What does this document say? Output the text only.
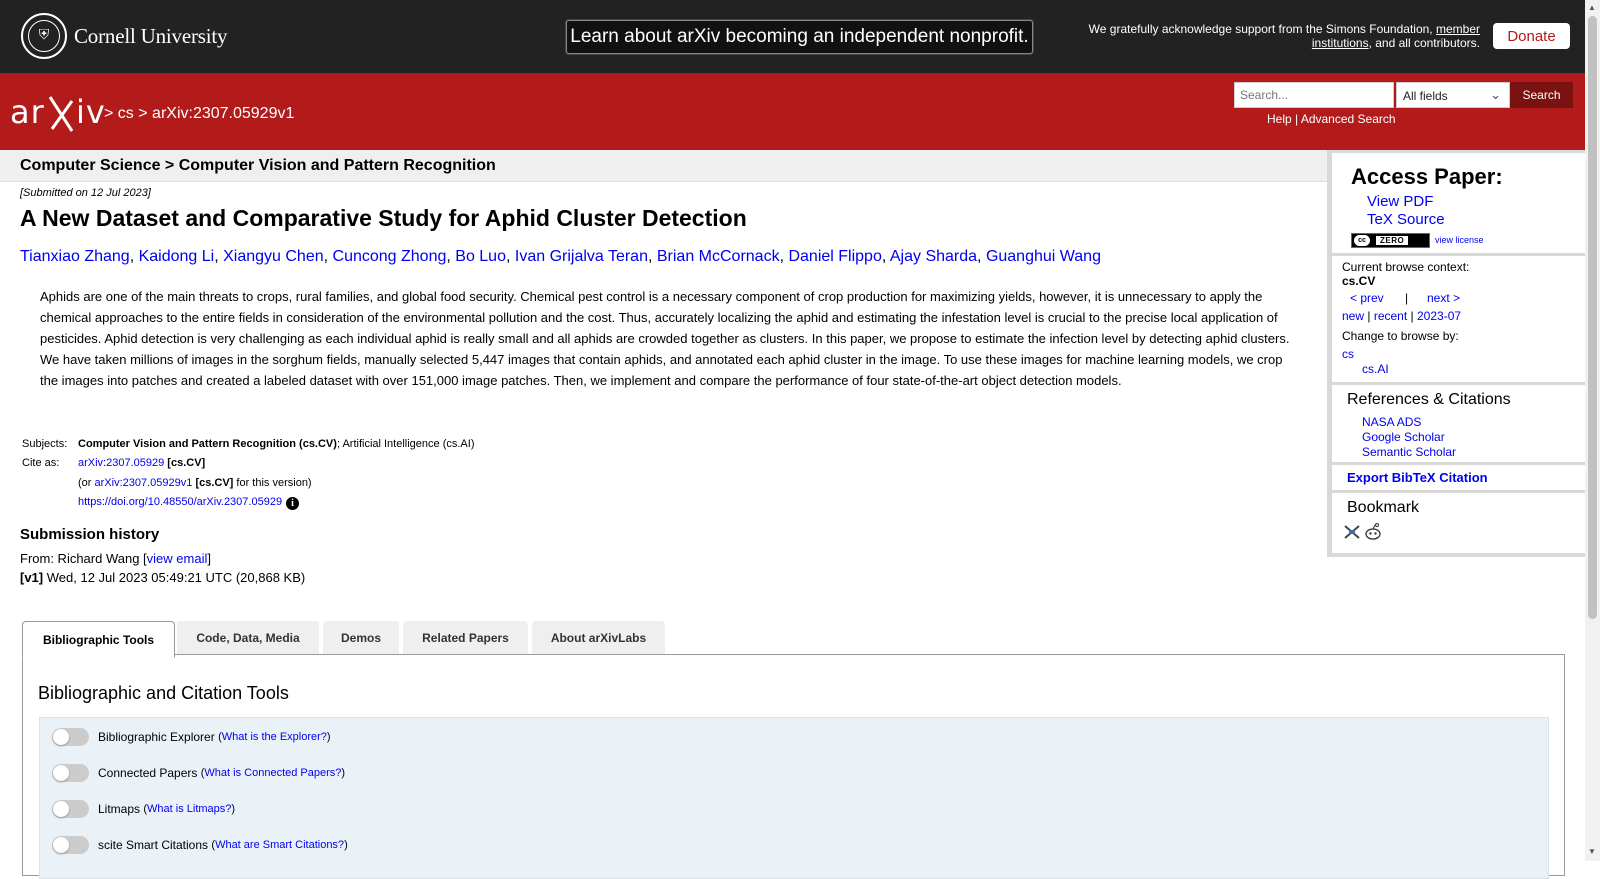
⛨	Cornell University	Learn about arXiv becoming an independent nonprofit.	We gratefully acknowledge support from the Simons Foundation, member institutions, and all contributors.	Donate
ar iv
> cs > arXiv:2307.05929v1
Search...
All fields	⌄	Search
Help | Advanced Search
Computer Science > Computer Vision and Pattern Recognition
[Submitted on 12 Jul 2023]
A New Dataset and Comparative Study for Aphid Cluster Detection
Tianxiao Zhang, Kaidong Li, Xiangyu Chen, Cuncong Zhong, Bo Luo, Ivan Grijalva Teran, Brian McCornack, Daniel Flippo, Ajay Sharda, Guanghui Wang
Aphids are one of the main threats to crops, rural families, and global food security. Chemical pest control is a necessary component of crop production for maximizing yields, however, it is unnecessary to apply the chemical approaches to the entire fields in consideration of the environmental pollution and the cost. Thus, accurately localizing the aphid and estimating the infestation level is crucial to the precise local application of pesticides. Aphid detection is very challenging as each individual aphid is really small and all aphids are crowded together as clusters. In this paper, we propose to estimate the infection level by detecting aphid clusters. We have taken millions of images in the sorghum fields, manually selected 5,447 images that contain aphids, and annotated each aphid cluster in the image. To use these images for machine learning models, we crop the images into patches and created a labeled dataset with over 151,000 image patches. Then, we implement and compare the performance of four state-of-the-art object detection models.
Subjects: Computer Vision and Pattern Recognition (cs.CV); Artificial Intelligence (cs.AI)
Cite as:	arXiv:2307.05929 [cs.CV]
(or arXiv:2307.05929v1 [cs.CV] for this version)
https://doi.org/10.48550/arXiv.2307.05929 i
Submission history
From: Richard Wang [view email]
[v1] Wed, 12 Jul 2023 05:49:21 UTC (20,868 KB)
Bibliographic Tools	Code, Data, Media	Demos	Related Papers	About arXivLabs
Bibliographic and Citation Tools
Bibliographic Explorer
(What is the Explorer?)
Connected Papers
(What is Connected Papers?)
Litmaps
(What is Litmaps?)
scite Smart Citations
(What are Smart Citations?)
Access Paper:
View PDF
TeX Source
cc	ZERO	view license
Current browse context:
cs.CV
< prev | next >
new | recent | 2023-07
Change to browse by:
cs
cs.AI
References & Citations
NASA ADS
Google Scholar
Semantic Scholar
Export BibTeX Citation
Bookmark
▲
▼
